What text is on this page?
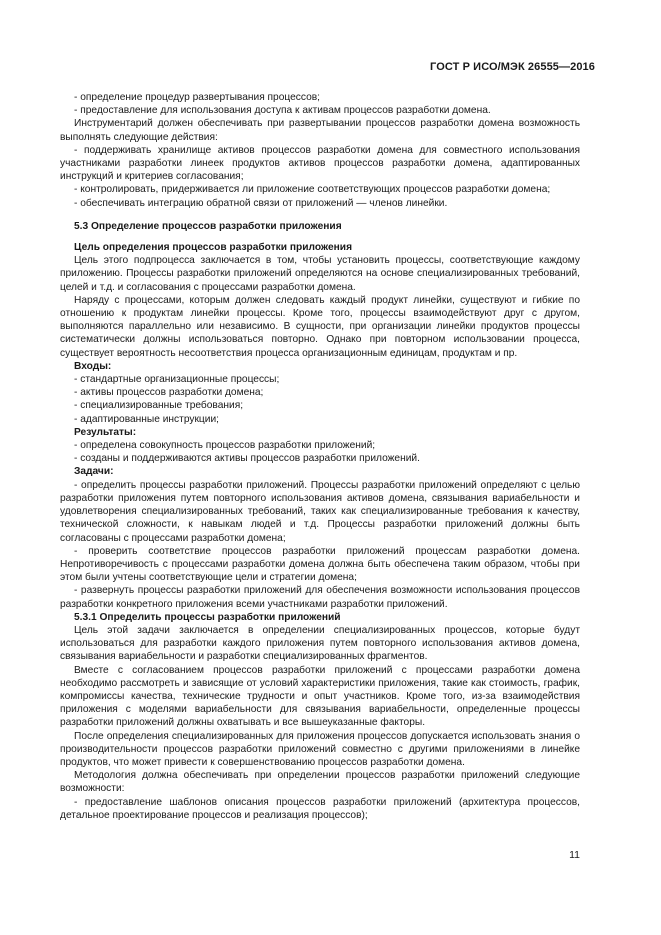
ГОСТ Р ИСО/МЭК 26555—2016

- определение процедур развертывания процессов;

- предоставление для использования доступа к активам процессов разработки домена.

Инструментарий должен обеспечивать при развертывании процессов разработки домена возможность выполнять следующие действия:

- поддерживать хранилище активов процессов разработки домена для совместного использования участниками разработки линеек продуктов активов процессов разработки домена, адаптированных инструкций и критериев согласования;

- контролировать, придерживается ли приложение соответствующих процессов разработки домена;

- обеспечивать интеграцию обратной связи от приложений — членов линейки.

5.3 Определение процессов разработки приложения

Цель определения процессов разработки приложения

Цель этого подпроцесса заключается в том, чтобы установить процессы, соответствующие каждому приложению. Процессы разработки приложений определяются на основе специализированных требований, целей и т.д. и согласования с процессами разработки домена.

Наряду с процессами, которым должен следовать каждый продукт линейки, существуют и гибкие по отношению к продуктам линейки процессы. Кроме того, процессы взаимодействуют друг с другом, выполняются параллельно или независимо. В сущности, при организации линейки продуктов процессы систематически должны использоваться повторно. Однако при повторном использовании процесса, существует вероятность несоответствия процесса организационным единицам, продуктам и пр.

Входы:

- стандартные организационные процессы;

- активы процессов разработки домена;

- специализированные требования;

- адаптированные инструкции;

Результаты:

- определена совокупность процессов разработки приложений;

- созданы и поддерживаются активы процессов разработки приложений.

Задачи:

- определить процессы разработки приложений. Процессы разработки приложений определяют с целью разработки приложения путем повторного использования активов домена, связывания вариабельности и удовлетворения специализированных требований, таких как специализированные требования к качеству, технической сложности, к навыкам людей и т.д. Процессы разработки приложений должны быть согласованы с процессами разработки домена;

- проверить соответствие процессов разработки приложений процессам разработки домена. Непротиворечивость с процессами разработки домена должна быть обеспечена таким образом, чтобы при этом были учтены соответствующие цели и стратегии домена;

- развернуть процессы разработки приложений для обеспечения возможности использования процессов разработки конкретного приложения всеми участниками разработки приложений.

5.3.1 Определить процессы разработки приложений

Цель этой задачи заключается в определении специализированных процессов, которые будут использоваться для разработки каждого приложения путем повторного использования активов домена, связывания вариабельности и разработки специализированных фрагментов.

Вместе с согласованием процессов разработки приложений с процессами разработки домена необходимо рассмотреть и зависящие от условий характеристики приложения, такие как стоимость, график, компромиссы качества, технические трудности и опыт участников. Кроме того, из-за взаимодействия приложения с моделями вариабельности для связывания вариабельности, определенные процессы разработки приложений должны охватывать и все вышеуказанные факторы.

После определения специализированных для приложения процессов допускается использовать знания о производительности процессов разработки приложений совместно с другими приложениями в линейке продуктов, что может привести к совершенствованию процессов разработки домена.

Методология должна обеспечивать при определении процессов разработки приложений следующие возможности:

- предоставление шаблонов описания процессов разработки приложений (архитектура процессов, детальное проектирование процессов и реализация процессов);

11
